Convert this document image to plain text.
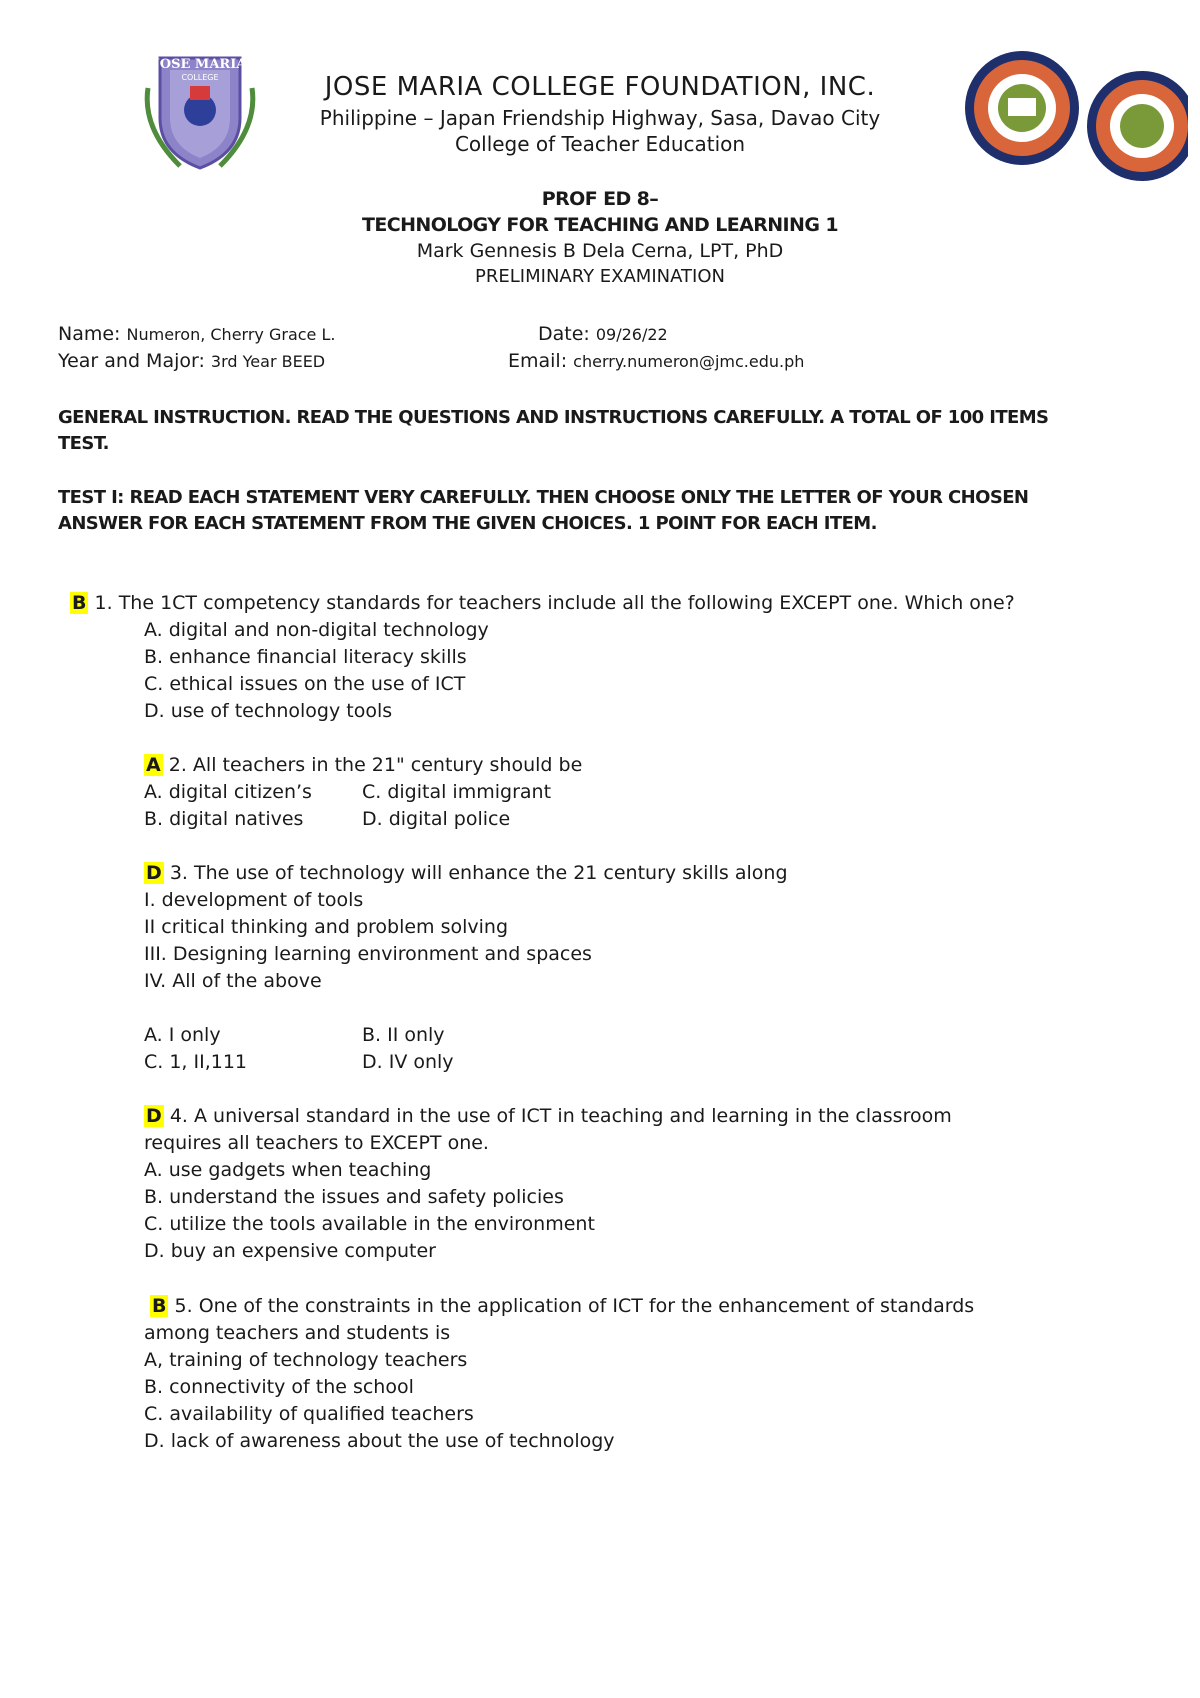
JOSE MARIA
COLLEGE	JOSE MARIA COLLEGE FOUNDATION, INC.
Philippine – Japan Friendship Highway, Sasa, Davao City
College of Teacher Education
PROF ED 8–
TECHNOLOGY FOR TEACHING AND LEARNING 1
Mark Gennesis B Dela Cerna, LPT, PhD
PRELIMINARY EXAMINATION
Name: Numeron, Cherry Grace L.	Date: 09/26/22
Year and Major: 3rd Year BEED	Email: cherry.numeron@jmc.edu.ph
GENERAL INSTRUCTION. READ THE QUESTIONS AND INSTRUCTIONS CAREFULLY. A TOTAL OF 100 ITEMS
TEST.
TEST I: READ EACH STATEMENT VERY CAREFULLY. THEN CHOOSE ONLY THE LETTER OF YOUR CHOSEN
ANSWER FOR EACH STATEMENT FROM THE GIVEN CHOICES. 1 POINT FOR EACH ITEM.
B 1. The 1CT competency standards for teachers include all the following EXCEPT one. Which one?
A. digital and non-digital technology
B. enhance financial literacy skills
C. ethical issues on the use of ICT
D. use of technology tools
A 2. All teachers in the 21" century should be
A. digital citizen’s	C. digital immigrant
B. digital natives	D. digital police
D 3. The use of technology will enhance the 21 century skills along
I. development of tools
II critical thinking and problem solving
III. Designing learning environment and spaces
IV. All of the above
A. I only	B. II only
C. 1, II,111	D. IV only
D 4. A universal standard in the use of ICT in teaching and learning in the classroom
requires all teachers to EXCEPT one.
A. use gadgets when teaching
B. understand the issues and safety policies
C. utilize the tools available in the environment
D. buy an expensive computer
B 5. One of the constraints in the application of ICT for the enhancement of standards
among teachers and students is
A, training of technology teachers
B. connectivity of the school
C. availability of qualified teachers
D. lack of awareness about the use of technology
